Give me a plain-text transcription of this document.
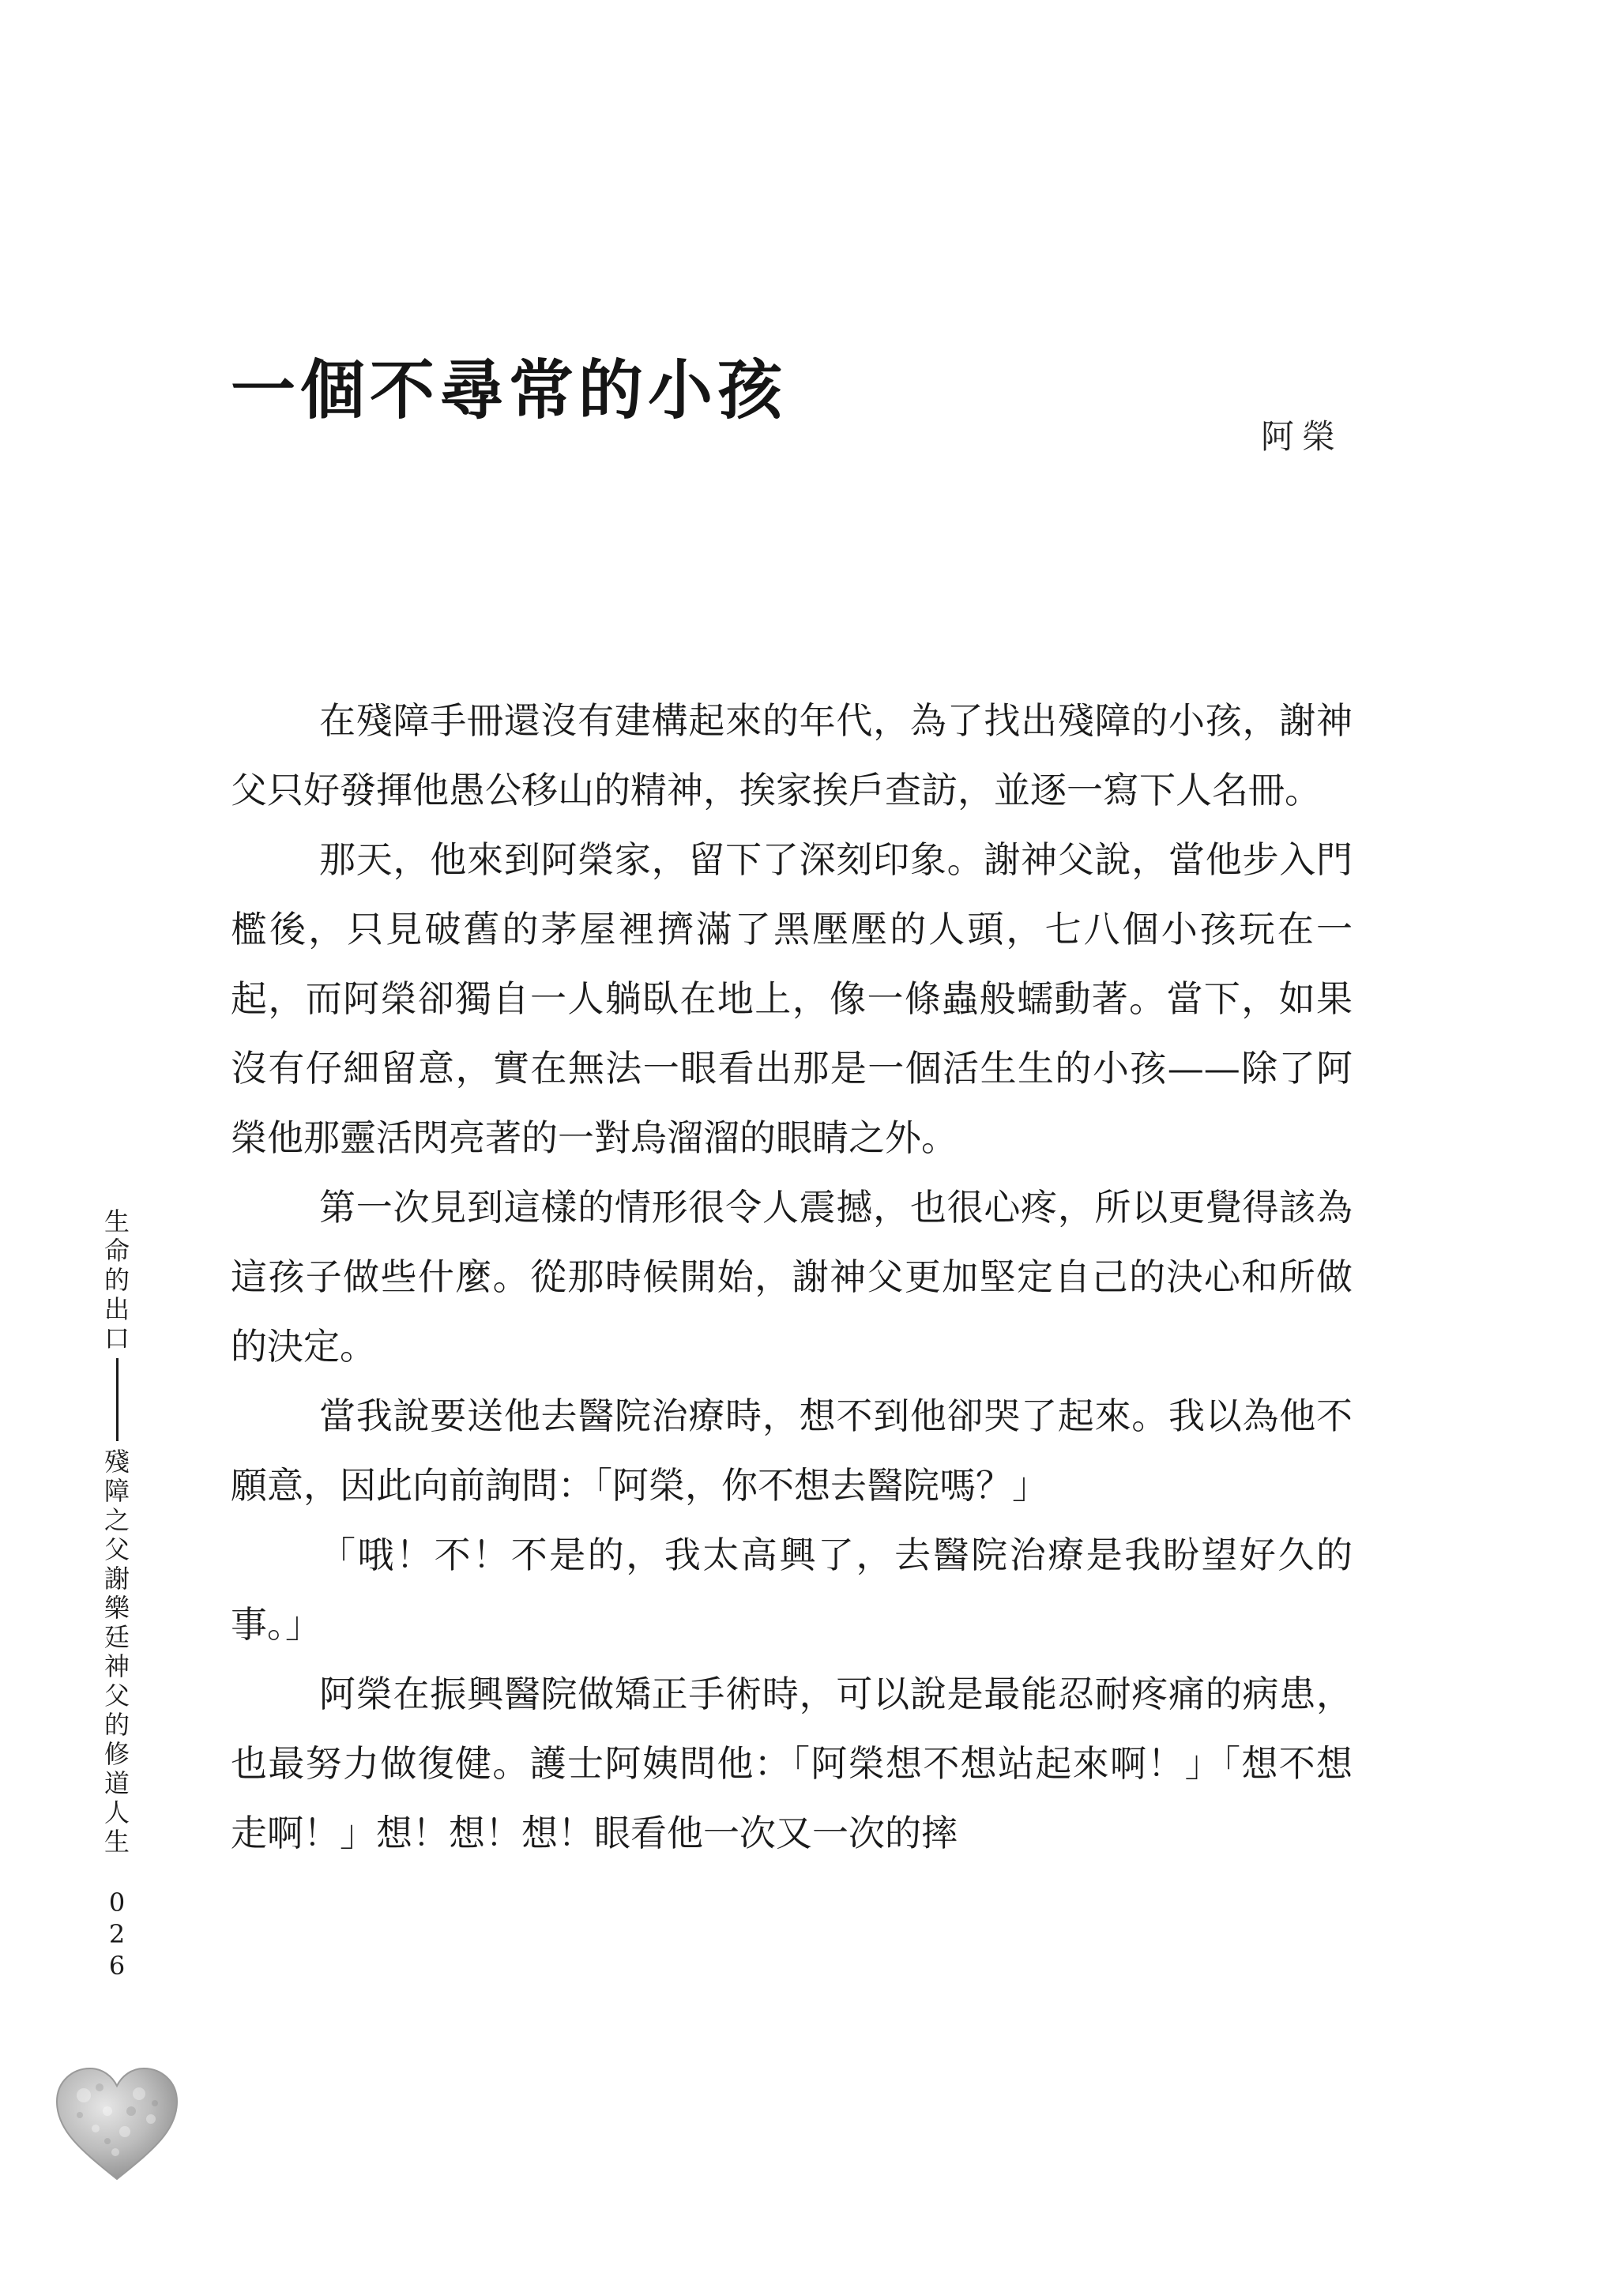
一個不尋常的小孩
阿榮

在殘障手冊還沒有建構起來的年代，為了找出殘障的小孩，謝神父只好發揮他愚公移山的精神，挨家挨戶查訪，並逐一寫下人名冊。

那天，他來到阿榮家，留下了深刻印象。謝神父說，當他步入門檻後，只見破舊的茅屋裡擠滿了黑壓壓的人頭，七八個小孩玩在一起，而阿榮卻獨自一人躺臥在地上，像一條蟲般蠕動著。當下，如果沒有仔細留意，實在無法一眼看出那是一個活生生的小孩——除了阿榮他那靈活閃亮著的一對烏溜溜的眼睛之外。

第一次見到這樣的情形很令人震撼，也很心疼，所以更覺得該為這孩子做些什麼。從那時候開始，謝神父更加堅定自己的決心和所做的決定。

當我說要送他去醫院治療時，想不到他卻哭了起來。我以為他不願意，因此向前詢問：「阿榮，你不想去醫院嗎？」

「哦！不！不是的，我太高興了，去醫院治療是我盼望好久的事。」

阿榮在振興醫院做矯正手術時，可以說是最能忍耐疼痛的病患，也最努力做復健。護士阿姨問他：「阿榮想不想站起來啊！」「想不想走啊！」想！想！想！眼看他一次又一次的摔

生
命
的
出
口
殘
障
之
父
謝
樂
廷
神
父
的
修
道
人
生
0
2
6
